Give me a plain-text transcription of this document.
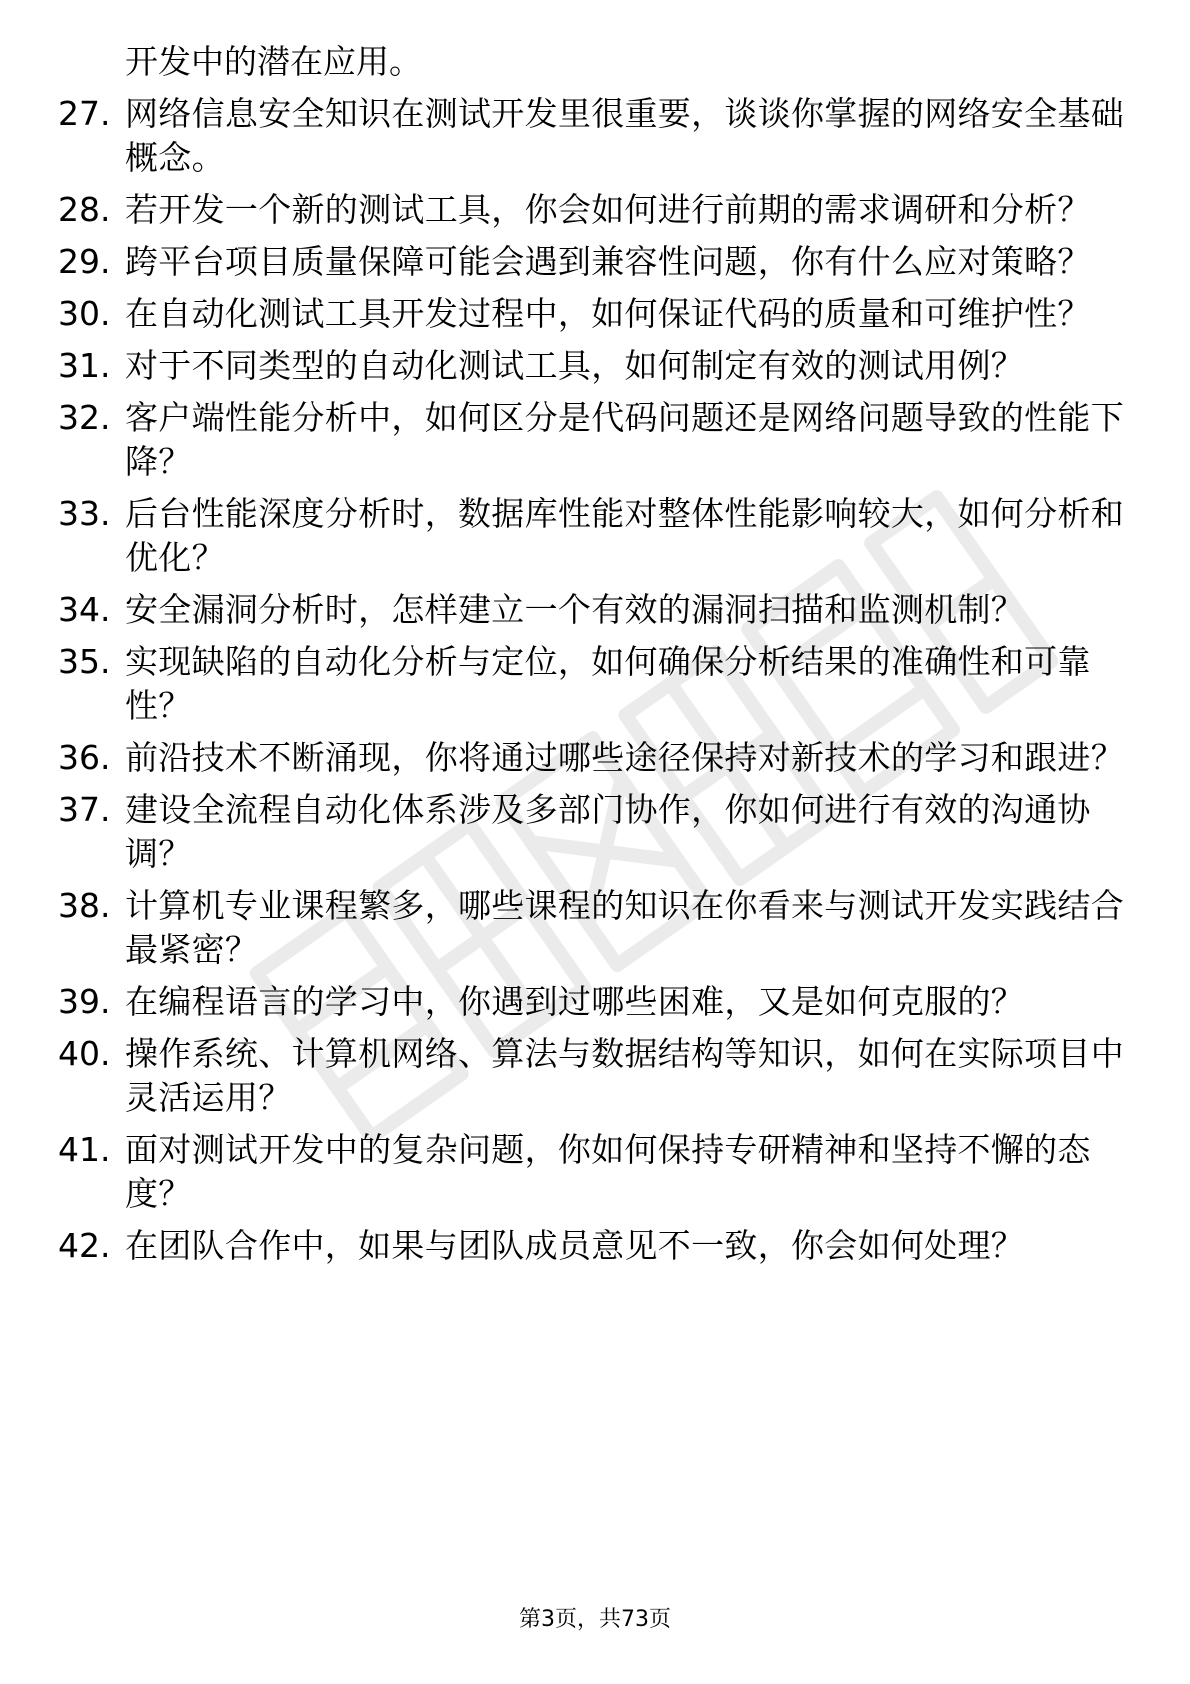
开发中的潜在应用。

27. 网络信息安全知识在测试开发里很重要，谈谈你掌握的网络安全基础概念。
28. 若开发一个新的测试工具，你会如何进行前期的需求调研和分析？
29. 跨平台项目质量保障可能会遇到兼容性问题，你有什么应对策略？
30. 在自动化测试工具开发过程中，如何保证代码的质量和可维护性？
31. 对于不同类型的自动化测试工具，如何制定有效的测试用例？
32. 客户端性能分析中，如何区分是代码问题还是网络问题导致的性能下降？
33. 后台性能深度分析时，数据库性能对整体性能影响较大，如何分析和优化？
34. 安全漏洞分析时，怎样建立一个有效的漏洞扫描和监测机制？
35. 实现缺陷的自动化分析与定位，如何确保分析结果的准确性和可靠性？
36. 前沿技术不断涌现，你将通过哪些途径保持对新技术的学习和跟进？
37. 建设全流程自动化体系涉及多部门协作，你如何进行有效的沟通协调？
38. 计算机专业课程繁多，哪些课程的知识在你看来与测试开发实践结合最紧密？
39. 在编程语言的学习中，你遇到过哪些困难，又是如何克服的？
40. 操作系统、计算机网络、算法与数据结构等知识，如何在实际项目中灵活运用？
41. 面对测试开发中的复杂问题，你如何保持专研精神和坚持不懈的态度？
42. 在团队合作中，如果与团队成员意见不一致，你会如何处理？
第3页，共73页
